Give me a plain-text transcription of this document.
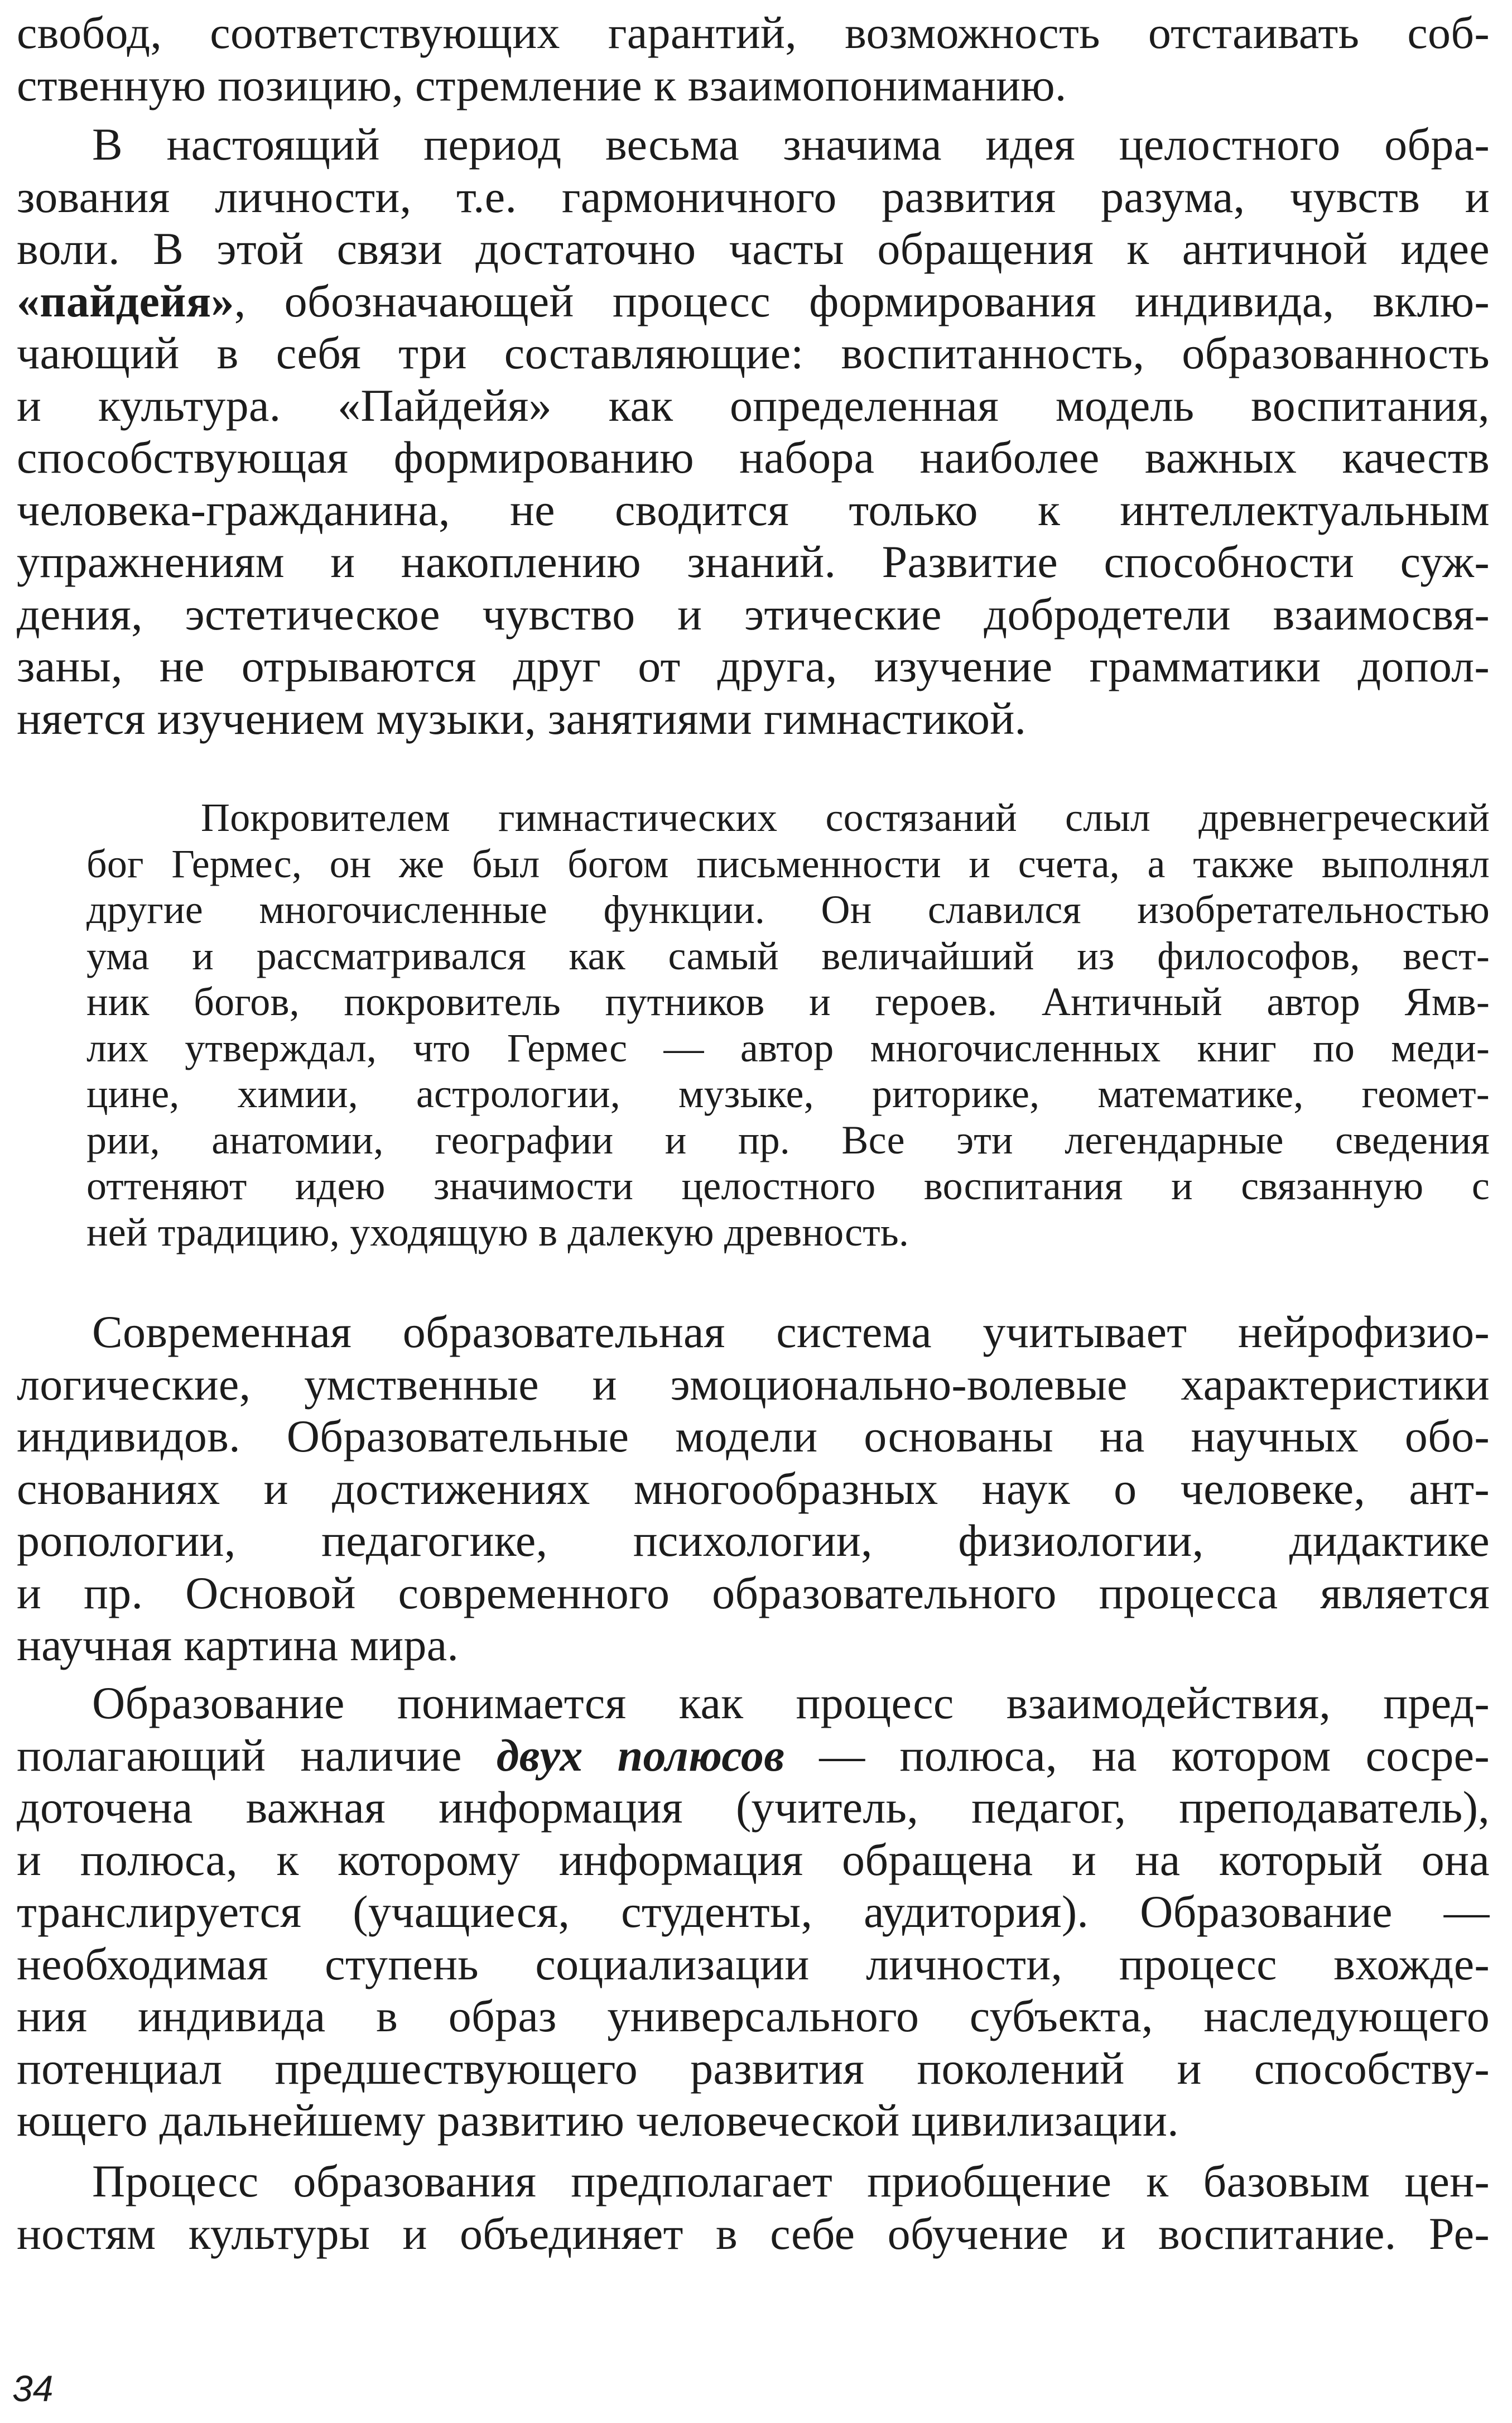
свобод, соответствующих гарантий, возможность отстаивать соб-
ственную позицию, стремление к взаимопониманию.
В настоящий период весьма значима идея целостного обра-
зования личности, т.е. гармоничного развития разума, чувств и
воли. В этой связи достаточно часты обращения к античной идее
«пайдейя», обозначающей процесс формирования индивида, вклю-
чающий в себя три составляющие: воспитанность, образованность
и культура. «Пайдейя» как определенная модель воспитания,
способствующая формированию набора наиболее важных качеств
человека-гражданина, не сводится только к интеллектуальным
упражнениям и накоплению знаний. Развитие способности суж-
дения, эстетическое чувство и этические добродетели взаимосвя-
заны, не отрываются друг от друга, изучение грамматики допол-
няется изучением музыки, занятиями гимнастикой.
Покровителем гимнастических состязаний слыл древнегреческий
бог Гермес, он же был богом письменности и счета, а также выполнял
другие многочисленные функции. Он славился изобретательностью
ума и рассматривался как самый величайший из философов, вест-
ник богов, покровитель путников и героев. Античный автор Ямв-
лих утверждал, что Гермес — автор многочисленных книг по меди-
цине, химии, астрологии, музыке, риторике, математике, геомет-
рии, анатомии, географии и пр. Все эти легендарные сведения
оттеняют идею значимости целостного воспитания и связанную с
ней традицию, уходящую в далекую древность.
Современная образовательная система учитывает нейрофизио-
логические, умственные и эмоционально-волевые характеристики
индивидов. Образовательные модели основаны на научных обо-
снованиях и достижениях многообразных наук о человеке, ант-
ропологии, педагогике, психологии, физиологии, дидактике
и пр. Основой современного образовательного процесса является
научная картина мира.
Образование понимается как процесс взаимодействия, пред-
полагающий наличие двух полюсов — полюса, на котором сосре-
доточена важная информация (учитель, педагог, преподаватель),
и полюса, к которому информация обращена и на который она
транслируется (учащиеся, студенты, аудитория). Образование —
необходимая ступень социализации личности, процесс вхожде-
ния индивида в образ универсального субъекта, наследующего
потенциал предшествующего развития поколений и способству-
ющего дальнейшему развитию человеческой цивилизации.
Процесс образования предполагает приобщение к базовым цен-
ностям культуры и объединяет в себе обучение и воспитание. Ре-
34
